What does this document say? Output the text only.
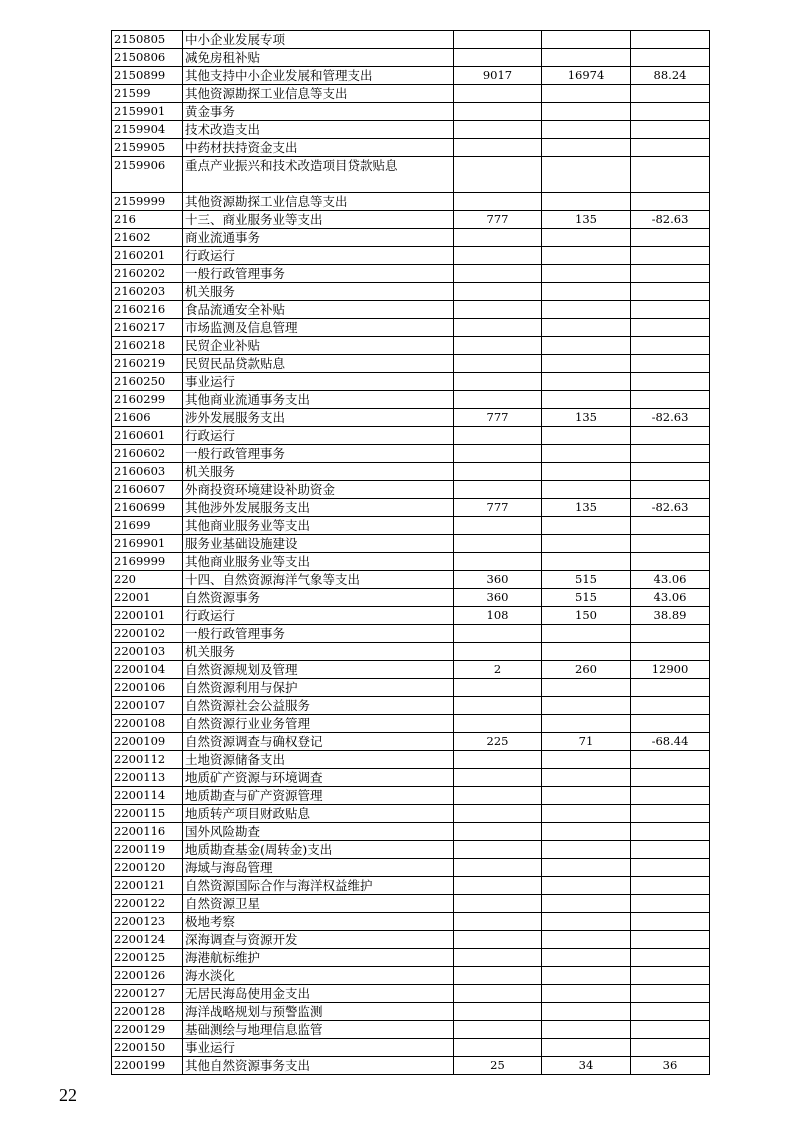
2150805	中小企业发展专项			
2150806	减免房租补贴			
2150899	其他支持中小企业发展和管理支出	9017	16974	88.24
21599	其他资源勘探工业信息等支出			
2159901	黄金事务			
2159904	技术改造支出			
2159905	中药材扶持资金支出			
2159906	重点产业振兴和技术改造项目贷款贴息			
2159999	其他资源勘探工业信息等支出			
216	十三、商业服务业等支出	777	135	-82.63
21602	商业流通事务			
2160201	行政运行			
2160202	一般行政管理事务			
2160203	机关服务			
2160216	食品流通安全补贴			
2160217	市场监测及信息管理			
2160218	民贸企业补贴			
2160219	民贸民品贷款贴息			
2160250	事业运行			
2160299	其他商业流通事务支出			
21606	涉外发展服务支出	777	135	-82.63
2160601	行政运行			
2160602	一般行政管理事务			
2160603	机关服务			
2160607	外商投资环境建设补助资金			
2160699	其他涉外发展服务支出	777	135	-82.63
21699	其他商业服务业等支出			
2169901	服务业基础设施建设			
2169999	其他商业服务业等支出			
220	十四、自然资源海洋气象等支出	360	515	43.06
22001	自然资源事务	360	515	43.06
2200101	行政运行	108	150	38.89
2200102	一般行政管理事务			
2200103	机关服务			
2200104	自然资源规划及管理	2	260	12900
2200106	自然资源利用与保护			
2200107	自然资源社会公益服务			
2200108	自然资源行业业务管理			
2200109	自然资源调查与确权登记	225	71	-68.44
2200112	土地资源储备支出			
2200113	地质矿产资源与环境调查			
2200114	地质勘查与矿产资源管理			
2200115	地质转产项目财政贴息			
2200116	国外风险勘查			
2200119	地质勘查基金(周转金)支出			
2200120	海域与海岛管理			
2200121	自然资源国际合作与海洋权益维护			
2200122	自然资源卫星			
2200123	极地考察			
2200124	深海调查与资源开发			
2200125	海港航标维护			
2200126	海水淡化			
2200127	无居民海岛使用金支出			
2200128	海洋战略规划与预警监测			
2200129	基础测绘与地理信息监管			
2200150	事业运行			
2200199	其他自然资源事务支出	25	34	36
22
